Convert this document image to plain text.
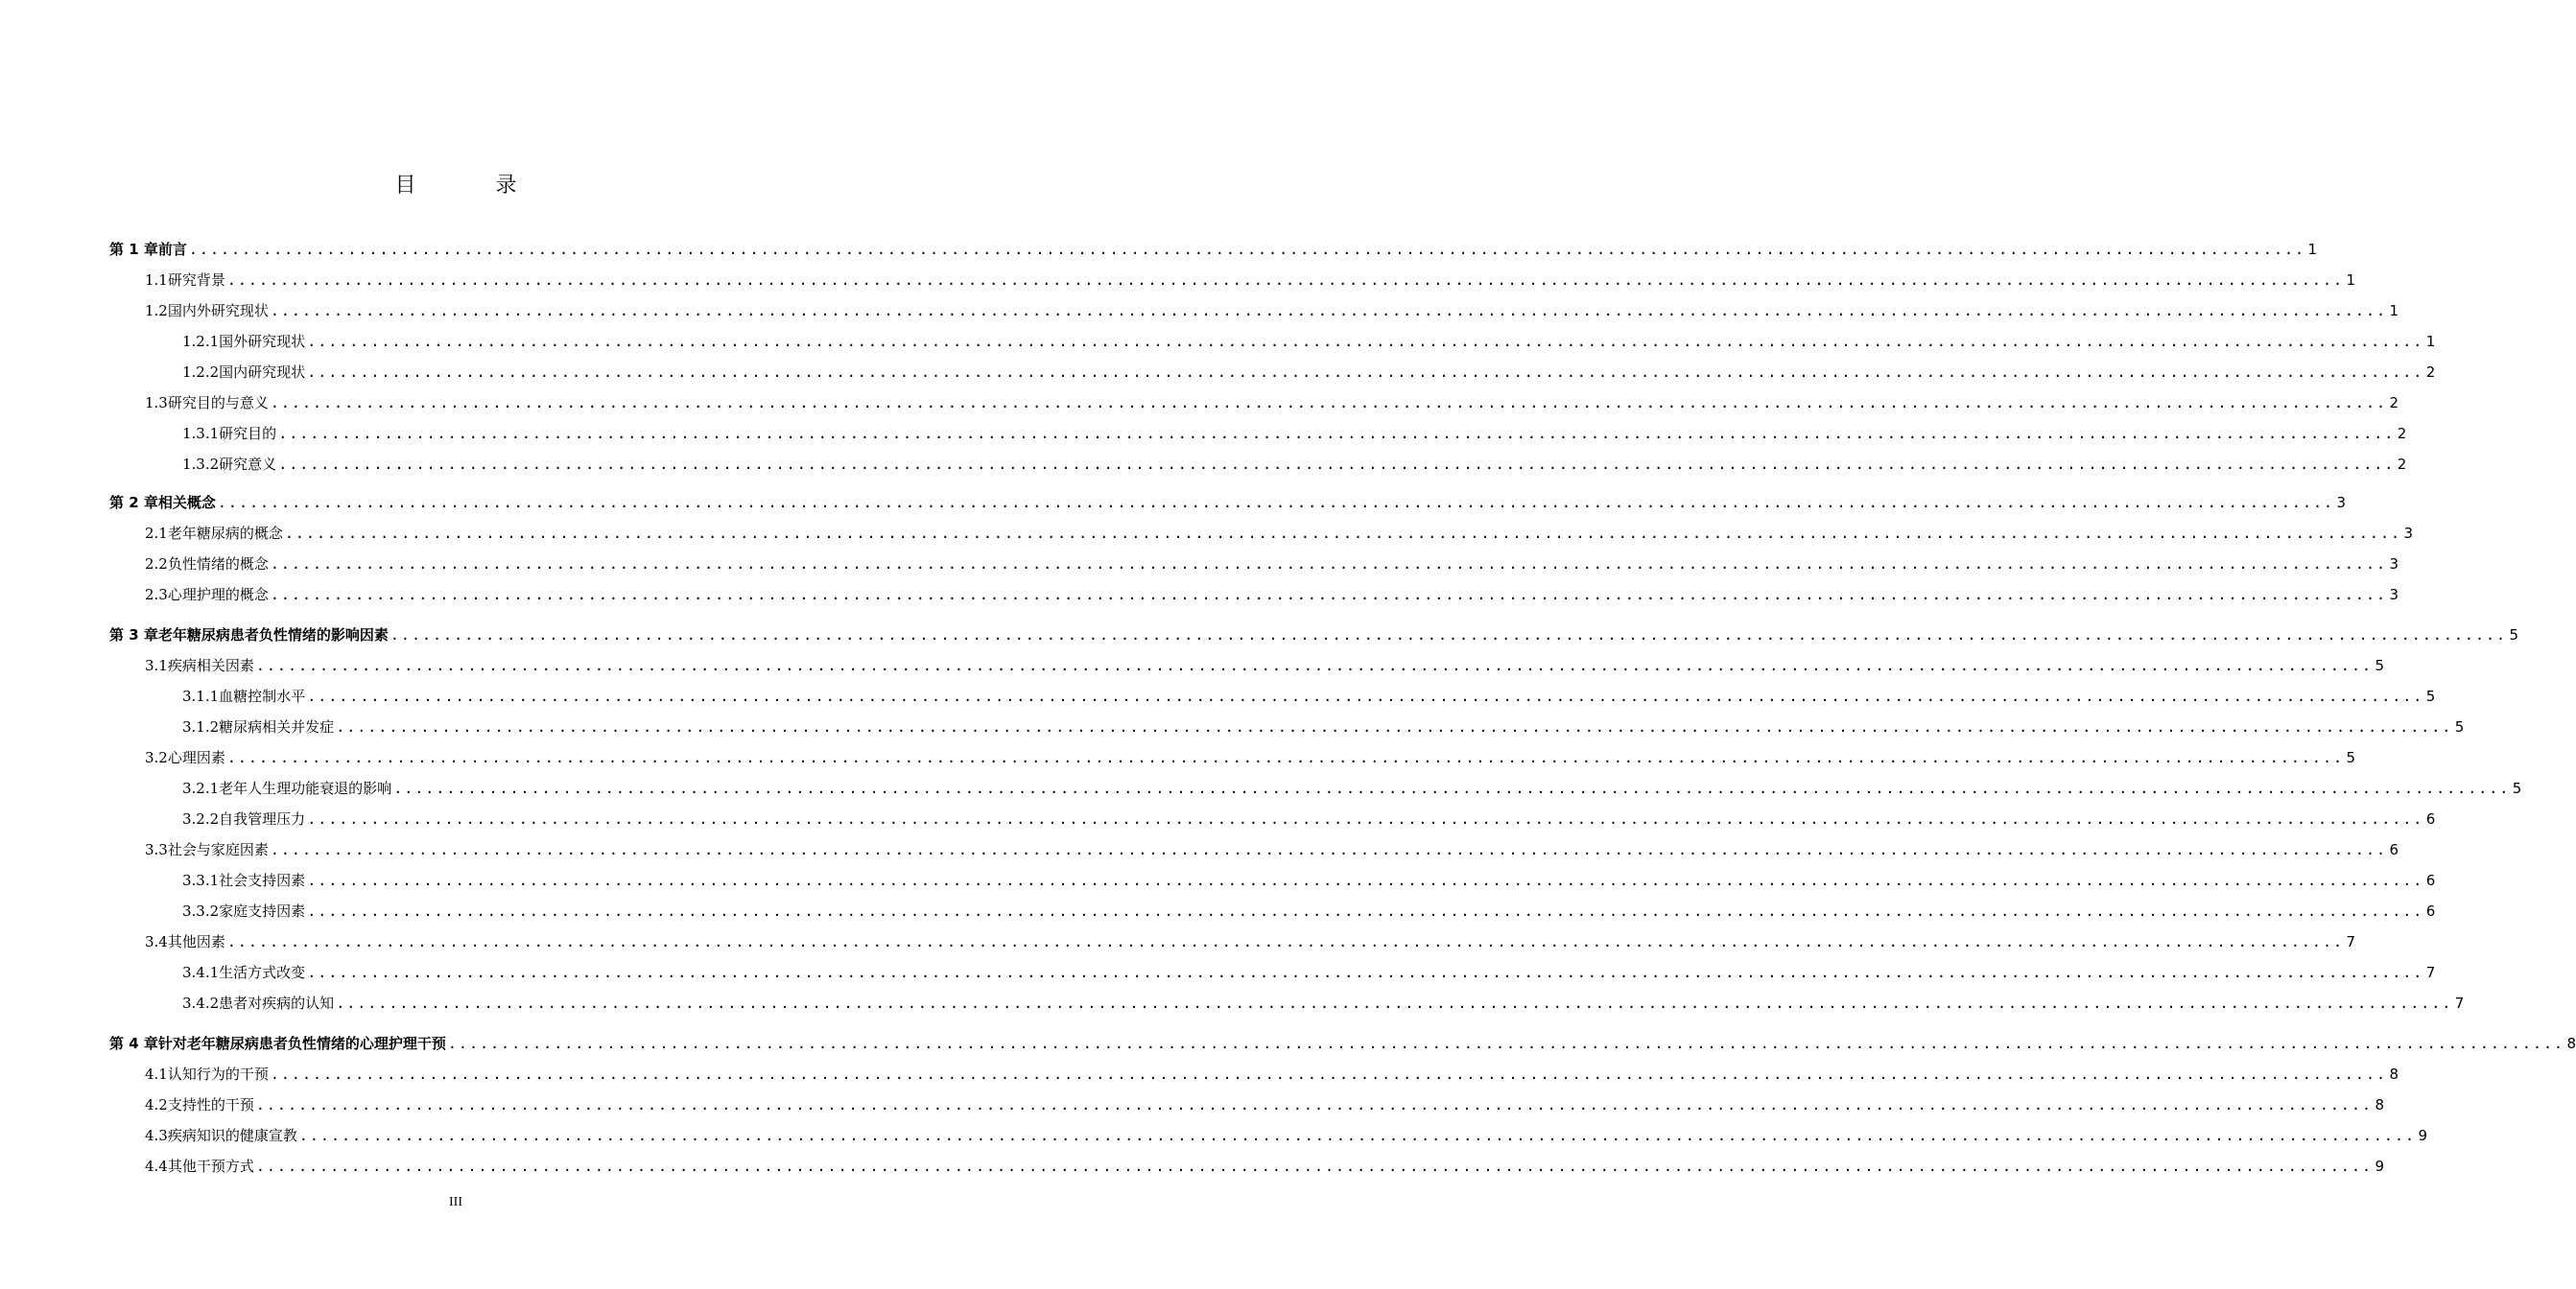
目 录
第 1 章 前言 ........................................................................................................................................................................................................ 1
1.1 研究背景 ........................................................................................................................................................................................................ 1
1.2 国内外研究现状 ........................................................................................................................................................................................................ 1
1.2.1 国外研究现状 ........................................................................................................................................................................................................ 1
1.2.2 国内研究现状 ........................................................................................................................................................................................................ 2
1.3 研究目的与意义 ........................................................................................................................................................................................................ 2
1.3.1 研究目的 ........................................................................................................................................................................................................ 2
1.3.2 研究意义 ........................................................................................................................................................................................................ 2
第 2 章 相关概念 ........................................................................................................................................................................................................ 3
2.1 老年糖尿病的概念 ........................................................................................................................................................................................................ 3
2.2 负性情绪的概念 ........................................................................................................................................................................................................ 3
2.3 心理护理的概念 ........................................................................................................................................................................................................ 3
第 3 章 老年糖尿病患者负性情绪的影响因素 ........................................................................................................................................................................................................ 5
3.1 疾病相关因素 ........................................................................................................................................................................................................ 5
3.1.1 血糖控制水平 ........................................................................................................................................................................................................ 5
3.1.2 糖尿病相关并发症 ........................................................................................................................................................................................................ 5
3.2 心理因素 ........................................................................................................................................................................................................ 5
3.2.1 老年人生理功能衰退的影响 ........................................................................................................................................................................................................ 5
3.2.2 自我管理压力 ........................................................................................................................................................................................................ 6
3.3 社会与家庭因素 ........................................................................................................................................................................................................ 6
3.3.1 社会支持因素 ........................................................................................................................................................................................................ 6
3.3.2 家庭支持因素 ........................................................................................................................................................................................................ 6
3.4 其他因素 ........................................................................................................................................................................................................ 7
3.4.1 生活方式改变 ........................................................................................................................................................................................................ 7
3.4.2 患者对疾病的认知 ........................................................................................................................................................................................................ 7
第 4 章 针对老年糖尿病患者负性情绪的心理护理干预 ........................................................................................................................................................................................................ 8
4.1 认知行为的干预 ........................................................................................................................................................................................................ 8
4.2 支持性的干预 ........................................................................................................................................................................................................ 8
4.3 疾病知识的健康宣教 ........................................................................................................................................................................................................ 9
4.4 其他干预方式 ........................................................................................................................................................................................................ 9
III
